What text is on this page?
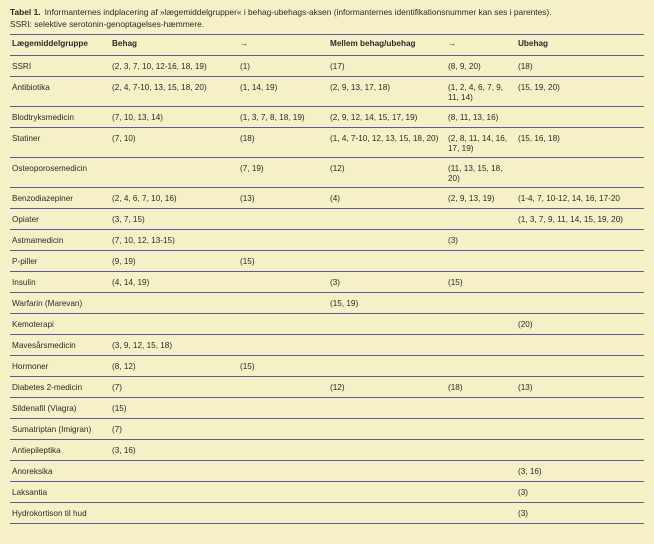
Tabel 1. Informanternes indplacering af »lægemiddelgrupper« i behag-ubehags-aksen (informanternes identifikationsnummer kan ses i parentes).
SSRI: selektive serotonin-genoptagelses-hæmmere.
Lægemiddelgruppe	Behag	→	Mellem behag/ubehag	→	Ubehag
SSRI	(2, 3, 7, 10, 12-16, 18, 19)	(1)	(17)	(8, 9, 20)	(18)
Antibiotika	(2, 4, 7-10, 13, 15, 18, 20)	(1, 14, 19)	(2, 9, 13, 17, 18)	(1, 2, 4, 6, 7, 9, 11, 14)	(15, 19, 20)
Blodtryksmedicin	(7, 10, 13, 14)	(1, 3, 7, 8, 18, 19)	(2, 9, 12, 14, 15, 17, 19)	(8, 11, 13, 16)	
Statiner	(7, 10)	(18)	(1, 4, 7-10, 12, 13, 15, 18, 20)	(2, 8, 11, 14, 16, 17, 19)	(15, 16, 18)
Osteoporosemedicin		(7, 19)	(12)	(11, 13, 15, 18, 20)	
Benzodiazepiner	(2, 4, 6, 7, 10, 16)	(13)	(4)	(2, 9, 13, 19)	(1-4, 7, 10-12, 14, 16, 17-20
Opiater	(3, 7, 15)				(1, 3, 7, 9, 11, 14, 15, 19, 20)
Astmamedicin	(7, 10, 12, 13-15)			(3)	
P-piller	(9, 19)	(15)			
Insulin	(4, 14, 19)		(3)	(15)	
Warfarin (Marevan)			(15, 19)		
Kemoterapi					(20)
Mavesårsmedicin	(3, 9, 12, 15, 18)				
Hormoner	(8, 12)	(15)			
Diabetes 2-medicin	(7)		(12)	(18)	(13)
Sildenafil (Viagra)	(15)				
Sumatriptan (Imigran)	(7)				
Antiepileptika	(3, 16)				
Anoreksika					(3, 16)
Laksantia					(3)
Hydrokortison til hud					(3)
